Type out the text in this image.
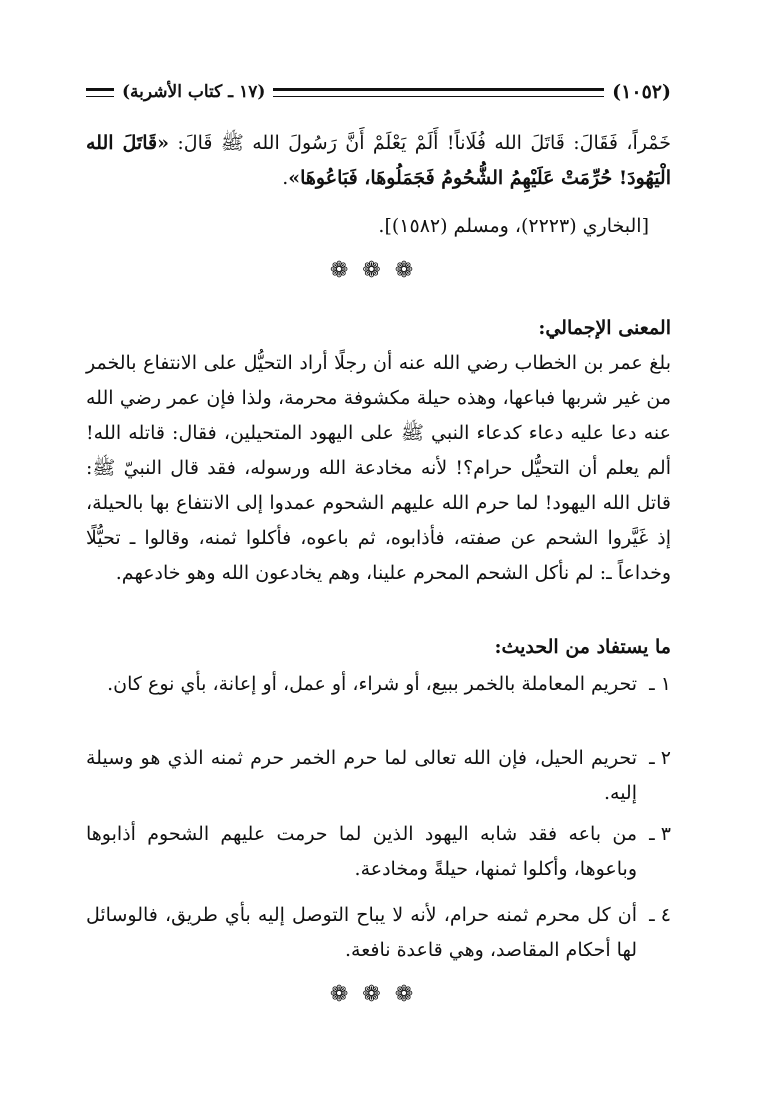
(١٠٥٢)
(١٧ ـ كتاب الأشربة)
خَمْراً، فَقَالَ: قَاتَلَ الله فُلَاناً! أَلَمْ يَعْلَمْ أَنَّ رَسُولَ الله ﷺ قَالَ: «قَاتَلَ الله الْيَهُودَ! حُرِّمَتْ عَلَيْهِمُ الشُّحُومُ فَجَمَلُوهَا، فَبَاعُوهَا».
[البخاري (٢٢٢٣)، ومسلم (١٥٨٢)].
❁❁❁
المعنى الإجمالي:
بلغ عمر بن الخطاب رضي الله عنه أن رجلًا أراد التحيُّل على الانتفاع بالخمر من غير شربها فباعها، وهذه حيلة مكشوفة محرمة، ولذا فإن عمر رضي الله عنه دعا عليه دعاء كدعاء النبي ﷺ على اليهود المتحيلين، فقال: قاتله الله! ألم يعلم أن التحيُّل حرام؟! لأنه مخادعة الله ورسوله، فقد قال النبيّ ﷺ: قاتل الله اليهود! لما حرم الله عليهم الشحوم عمدوا إلى الانتفاع بها بالحيلة، إذ غَيَّروا الشحم عن صفته، فأذابوه، ثم باعوه، فأكلوا ثمنه، وقالوا ـ تحيُّلًا وخداعاً ـ: لم نأكل الشحم المحرم علينا، وهم يخادعون الله وهو خادعهم.
ما يستفاد من الحديث:
١ ـ
تحريم المعاملة بالخمر ببيع، أو شراء، أو عمل، أو إعانة، بأي نوع كان.
٢ ـ
تحريم الحيل، فإن الله تعالى لما حرم الخمر حرم ثمنه الذي هو وسيلة إليه.
٣ ـ
من باعه فقد شابه اليهود الذين لما حرمت عليهم الشحوم أذابوها وباعوها، وأكلوا ثمنها، حيلةً ومخادعة.
٤ ـ
أن كل محرم ثمنه حرام، لأنه لا يباح التوصل إليه بأي طريق، فالوسائل لها أحكام المقاصد، وهي قاعدة نافعة.
❁❁❁
